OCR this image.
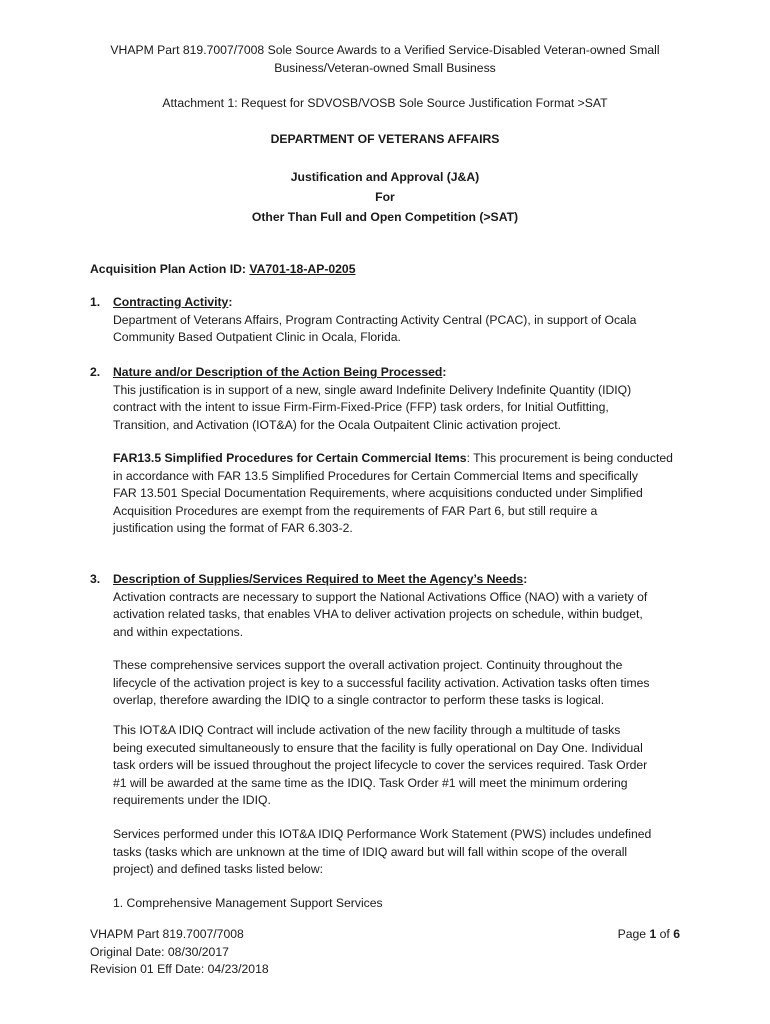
VHAPM Part 819.7007/7008 Sole Source Awards to a Verified Service-Disabled Veteran-owned Small
Business/Veteran-owned Small Business
Attachment 1: Request for SDVOSB/VOSB Sole Source Justification Format >SAT
DEPARTMENT OF VETERANS AFFAIRS
Justification and Approval (J&A)
For
Other Than Full and Open Competition (>SAT)
Acquisition Plan Action ID: VA701-18-AP-0205
1. Contracting Activity:

Department of Veterans Affairs, Program Contracting Activity Central (PCAC), in support of Ocala

Community Based Outpatient Clinic in Ocala, Florida.

2. Nature and/or Description of the Action Being Processed:

This justification is in support of a new, single award Indefinite Delivery Indefinite Quantity (IDIQ)

contract with the intent to issue Firm-Firm-Fixed-Price (FFP) task orders, for Initial Outfitting,

Transition, and Activation (IOT&A) for the Ocala Outpaitent Clinic activation project.

FAR13.5 Simplified Procedures for Certain Commercial Items: This procurement is being conducted

in accordance with FAR 13.5 Simplified Procedures for Certain Commercial Items and specifically

FAR 13.501 Special Documentation Requirements, where acquisitions conducted under Simplified

Acquisition Procedures are exempt from the requirements of FAR Part 6, but still require a

justification using the format of FAR 6.303-2.

3. Description of Supplies/Services Required to Meet the Agency’s Needs:

Activation contracts are necessary to support the National Activations Office (NAO) with a variety of

activation related tasks, that enables VHA to deliver activation projects on schedule, within budget,

and within expectations.

These comprehensive services support the overall activation project. Continuity throughout the

lifecycle of the activation project is key to a successful facility activation. Activation tasks often times

overlap, therefore awarding the IDIQ to a single contractor to perform these tasks is logical.

This IOT&A IDIQ Contract will include activation of the new facility through a multitude of tasks

being executed simultaneously to ensure that the facility is fully operational on Day One. Individual

task orders will be issued throughout the project lifecycle to cover the services required. Task Order

#1 will be awarded at the same time as the IDIQ. Task Order #1 will meet the minimum ordering

requirements under the IDIQ.

Services performed under this IOT&A IDIQ Performance Work Statement (PWS) includes undefined

tasks (tasks which are unknown at the time of IDIQ award but will fall within scope of the overall

project) and defined tasks listed below:

1. Comprehensive Management Support Services
VHAPM Part 819.7007/7008
Original Date: 08/30/2017
Revision 01 Eff Date: 04/23/2018
Page 1 of 6
